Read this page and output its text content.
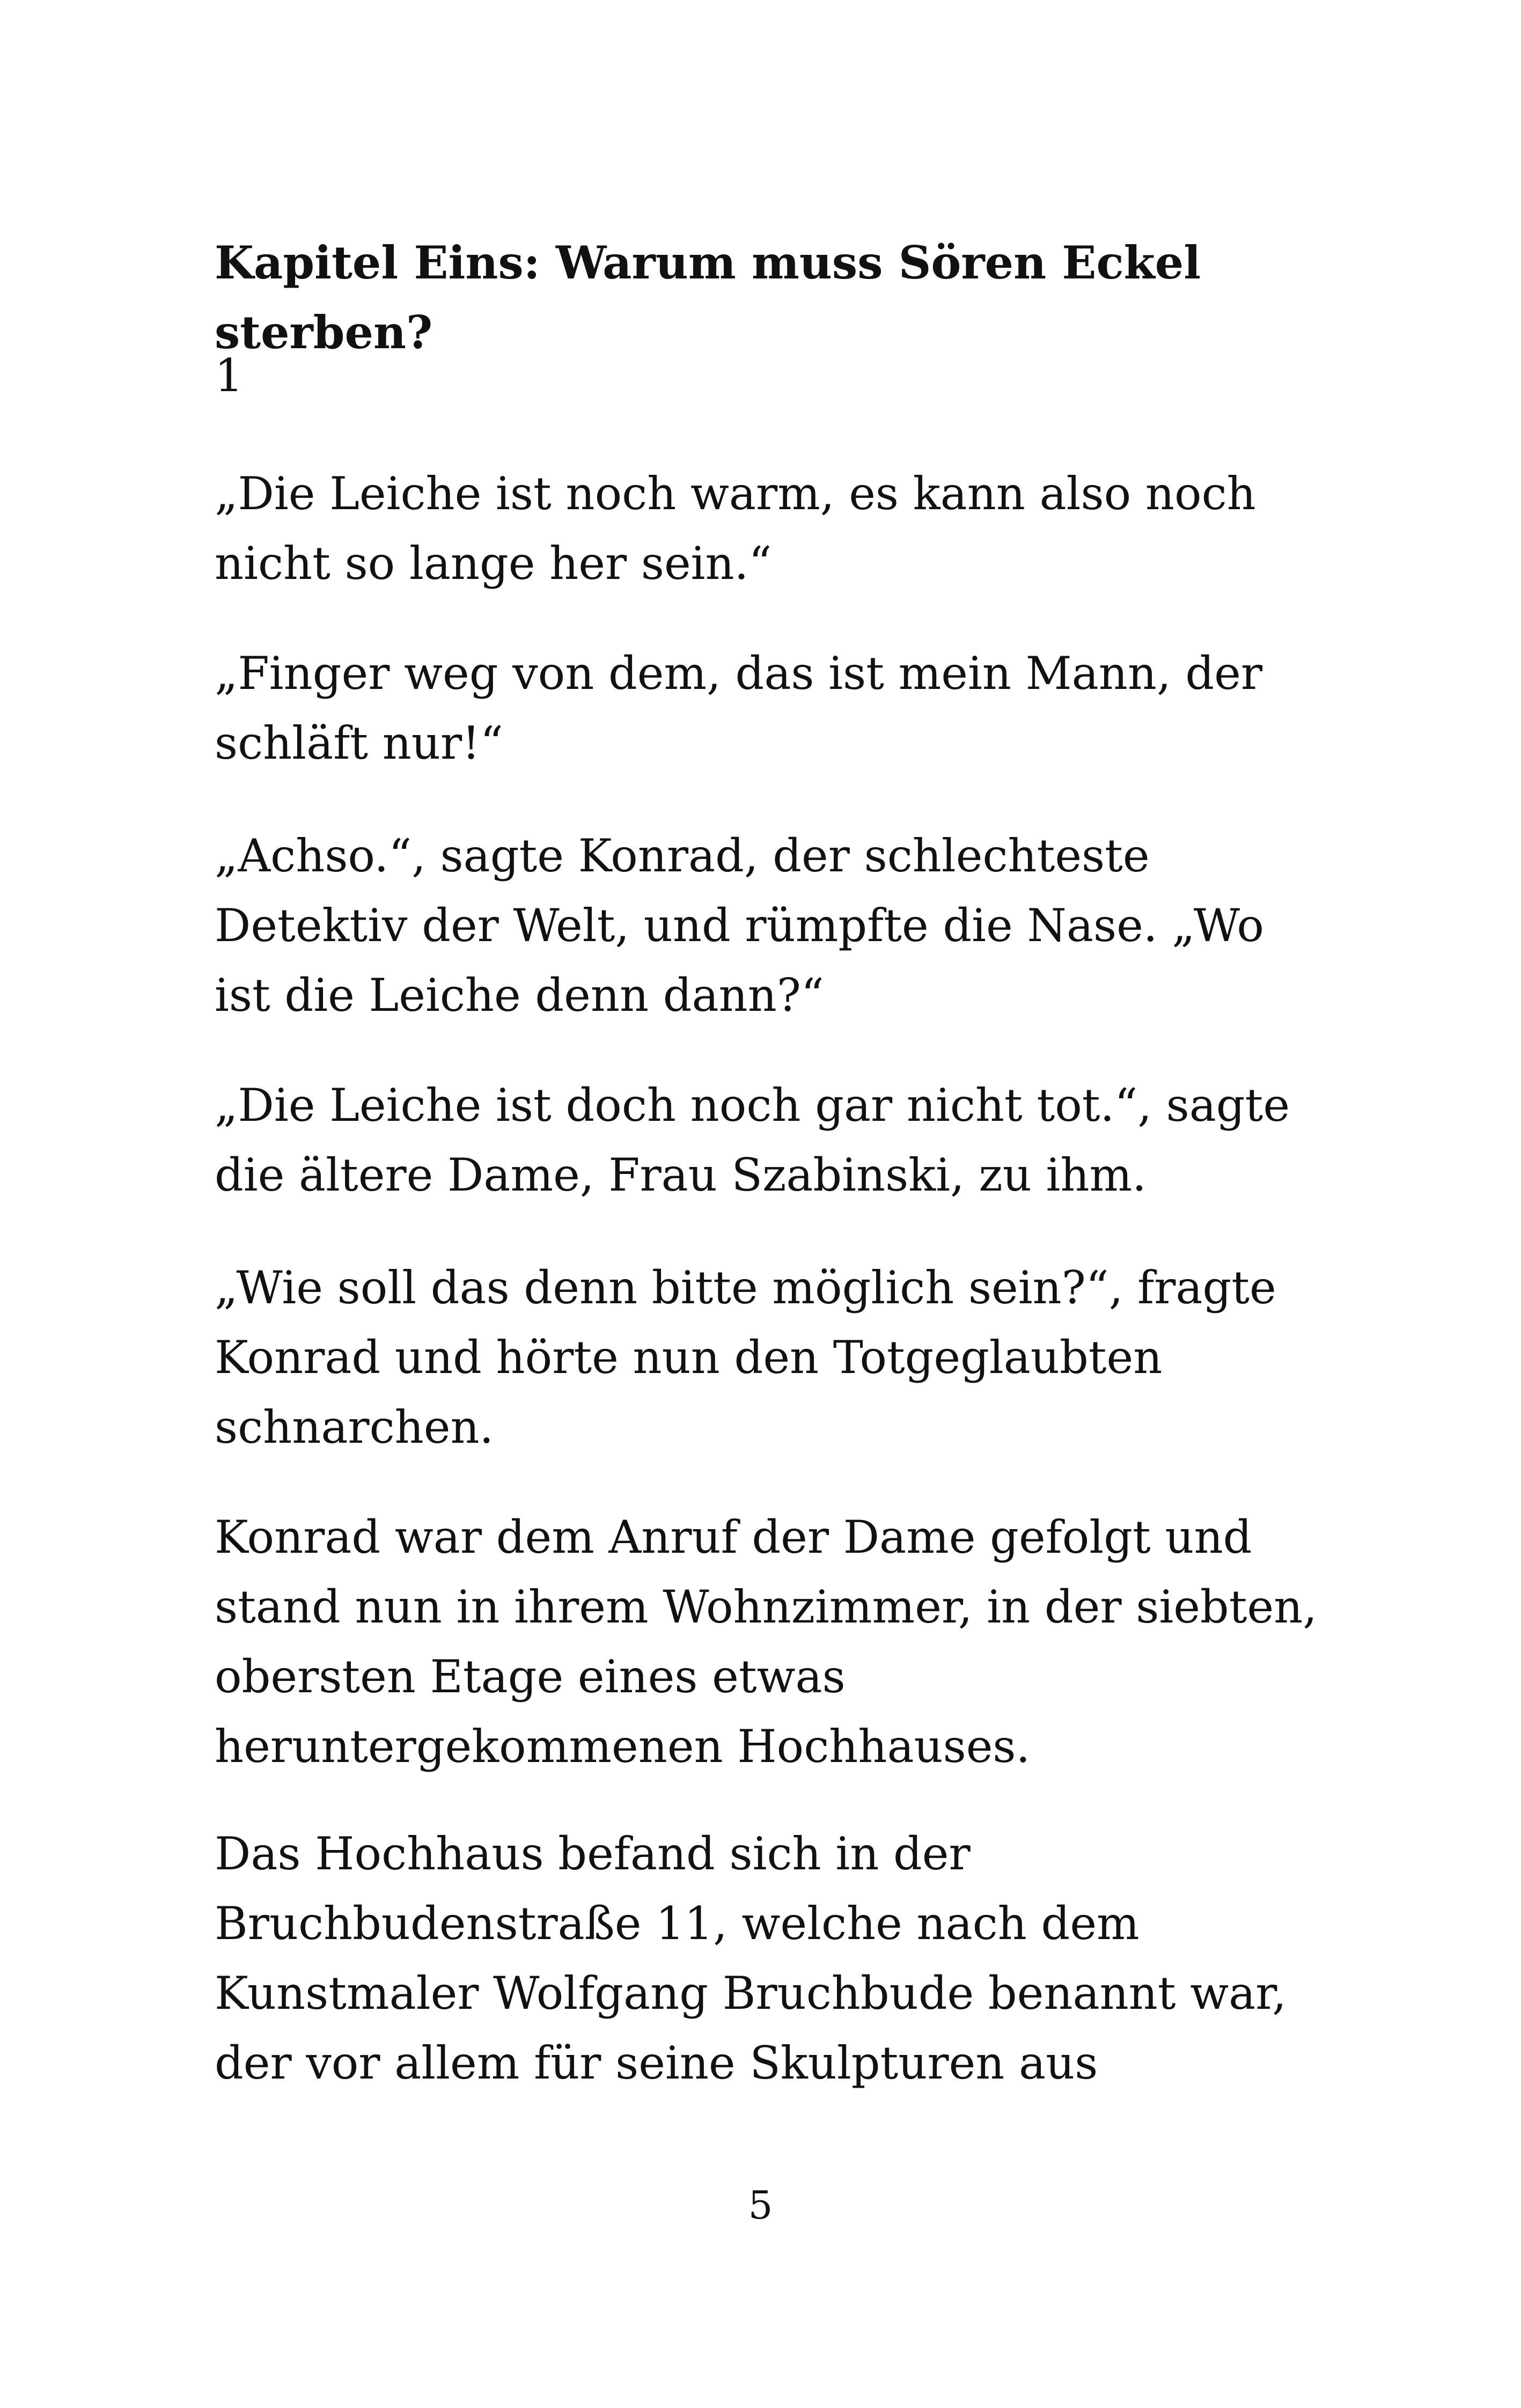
Kapitel Eins: Warum muss Sören Eckel sterben?

1

„Die Leiche ist noch warm, es kann also noch nicht so lange her sein.“

„Finger weg von dem, das ist mein Mann, der schläft nur!“

„Achso.“, sagte Konrad, der schlechteste Detektiv der Welt, und rümpfte die Nase. „Wo ist die Leiche denn dann?“

„Die Leiche ist doch noch gar nicht tot.“, sagte die ältere Dame, Frau Szabinski, zu ihm.

„Wie soll das denn bitte möglich sein?“, fragte Konrad und hörte nun den Totgeglaubten schnarchen.

Konrad war dem Anruf der Dame gefolgt und stand nun in ihrem Wohnzimmer, in der siebten, obersten Etage eines etwas heruntergekommenen Hochhauses.

Das Hochhaus befand sich in der Bruchbudenstraße 11, welche nach dem Kunstmaler Wolfgang Bruchbude benannt war, der vor allem für seine Skulpturen aus

5
